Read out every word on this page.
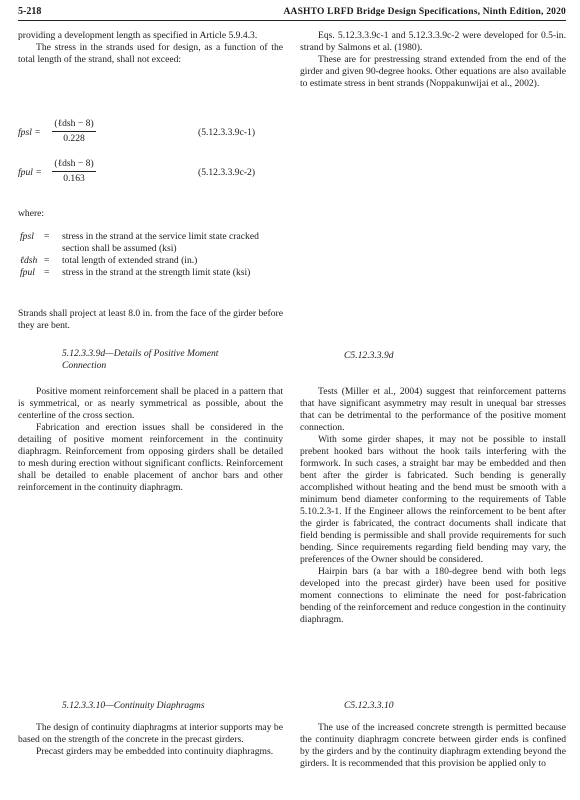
5-218	AASHTO LRFD Bridge Design Specifications, Ninth Edition, 2020

providing a development length as specified in Article 5.9.4.3.

The stress in the strands used for design, as a function of the total length of the strand, shall not exceed:

fpsl =
(ℓdsh − 8)
0.228
(5.12.3.3.9c-1)
fpul =
(ℓdsh − 8)
0.163
(5.12.3.3.9c-2)
where:
fpsl = stress in the strand at the service limit state cracked section shall be assumed (ksi)
ℓdsh = total length of extended strand (in.)
fpul = stress in the strand at the strength limit state (ksi)

Strands shall project at least 8.0 in. from the face of the girder before they are bent.

5.12.3.3.9d—Details of Positive Moment Connection

Positive moment reinforcement shall be placed in a pattern that is symmetrical, or as nearly symmetrical as possible, about the centerline of the cross section.

Fabrication and erection issues shall be considered in the detailing of positive moment reinforcement in the continuity diaphragm. Reinforcement from opposing girders shall be detailed to mesh during erection without significant conflicts. Reinforcement shall be detailed to enable placement of anchor bars and other reinforcement in the continuity diaphragm.

5.12.3.3.10—Continuity Diaphragms

The design of continuity diaphragms at interior supports may be based on the strength of the concrete in the precast girders.

Precast girders may be embedded into continuity diaphragms.

Eqs. 5.12.3.3.9c-1 and 5.12.3.3.9c-2 were developed for 0.5-in. strand by Salmons et al. (1980).

These are for prestressing strand extended from the end of the girder and given 90-degree hooks. Other equations are also available to estimate stress in bent strands (Noppakunwijai et al., 2002).

C5.12.3.3.9d

Tests (Miller et al., 2004) suggest that reinforcement patterns that have significant asymmetry may result in unequal bar stresses that can be detrimental to the performance of the positive moment connection.

With some girder shapes, it may not be possible to install prebent hooked bars without the hook tails interfering with the formwork. In such cases, a straight bar may be embedded and then bent after the girder is fabricated. Such bending is generally accomplished without heating and the bend must be smooth with a minimum bend diameter conforming to the requirements of Table 5.10.2.3-1. If the Engineer allows the reinforcement to be bent after the girder is fabricated, the contract documents shall indicate that field bending is permissible and shall provide requirements for such bending. Since requirements regarding field bending may vary, the preferences of the Owner should be considered.

Hairpin bars (a bar with a 180-degree bend with both legs developed into the precast girder) have been used for positive moment connections to eliminate the need for post-fabrication bending of the reinforcement and reduce congestion in the continuity diaphragm.

C5.12.3.3.10

The use of the increased concrete strength is permitted because the continuity diaphragm concrete between girder ends is confined by the girders and by the continuity diaphragm extending beyond the girders. It is recommended that this provision be applied only to
